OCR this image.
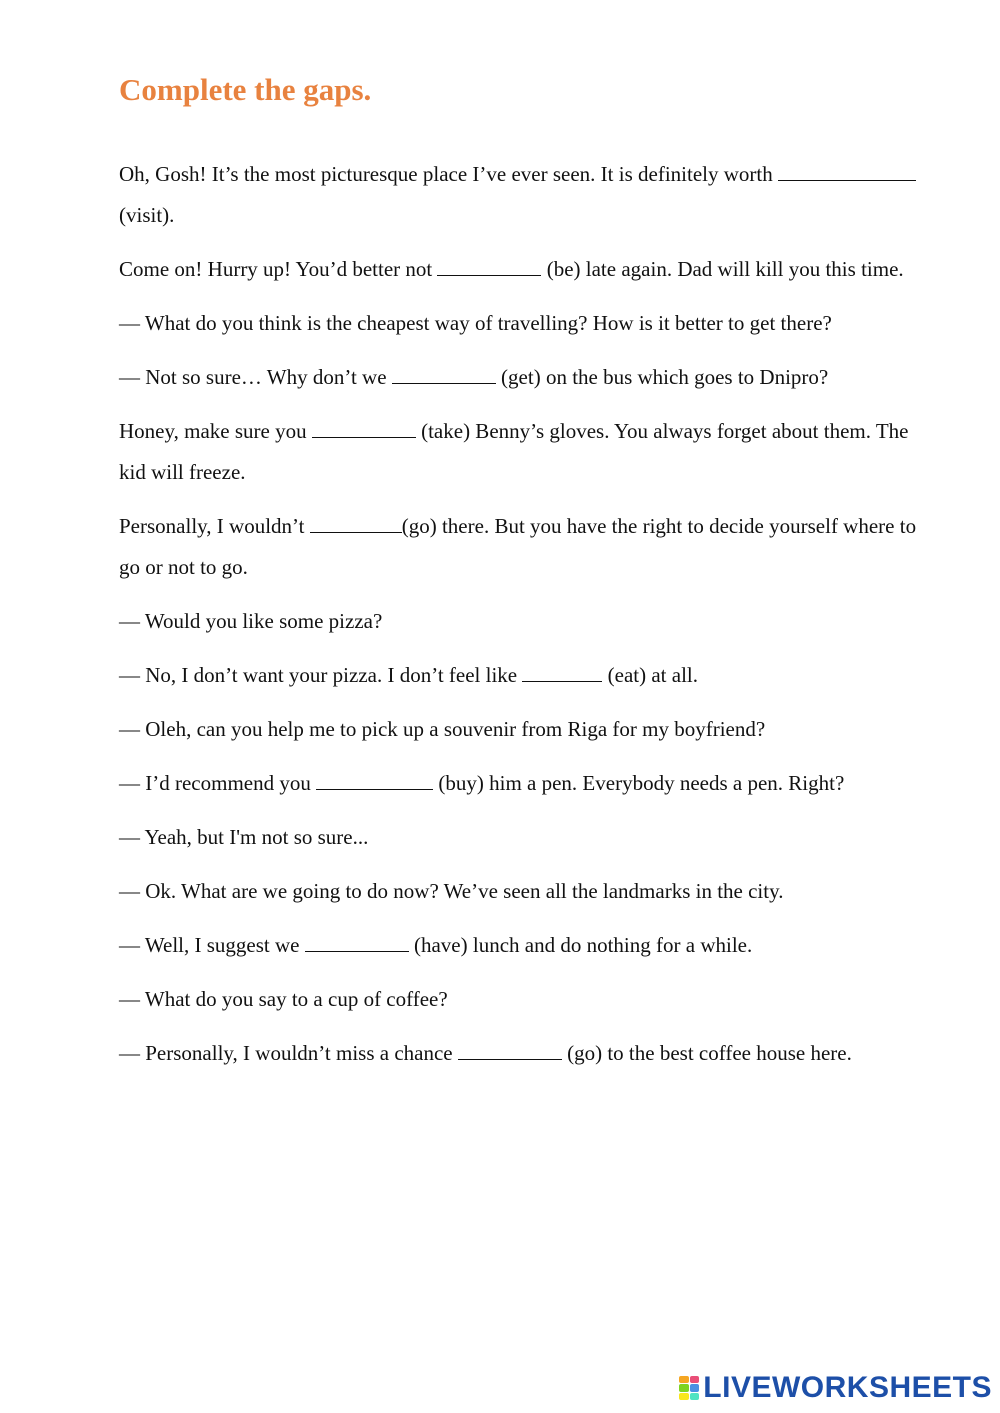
Complete the gaps.

Oh, Gosh! It’s the most picturesque place I’ve ever seen. It is definitely worth (visit).

Come on! Hurry up! You’d better not	(be) late again. Dad will kill you this time.

— What do you think is the cheapest way of travelling? How is it better to get there?

— Not so sure… Why don’t we	(get) on the bus which goes to Dnipro?

Honey, make sure you	(take) Benny’s gloves. You always forget about them. The kid will freeze.

Personally, I wouldn’t	(go) there. But you have the right to decide yourself where to go or not to go.

— Would you like some pizza?

— No, I don’t want your pizza. I don’t feel like	(eat) at all.

— Oleh, can you help me to pick up a souvenir from Riga for my boyfriend?

— I’d recommend you	(buy) him a pen. Everybody needs a pen. Right?

— Yeah, but I'm not so sure...

— Ok. What are we going to do now? We’ve seen all the landmarks in the city.

— Well, I suggest we	(have) lunch and do nothing for a while.

— What do you say to a cup of coffee?

— Personally, I wouldn’t miss a chance	(go) to the best coffee house here.

LIVEWORKSHEETS
